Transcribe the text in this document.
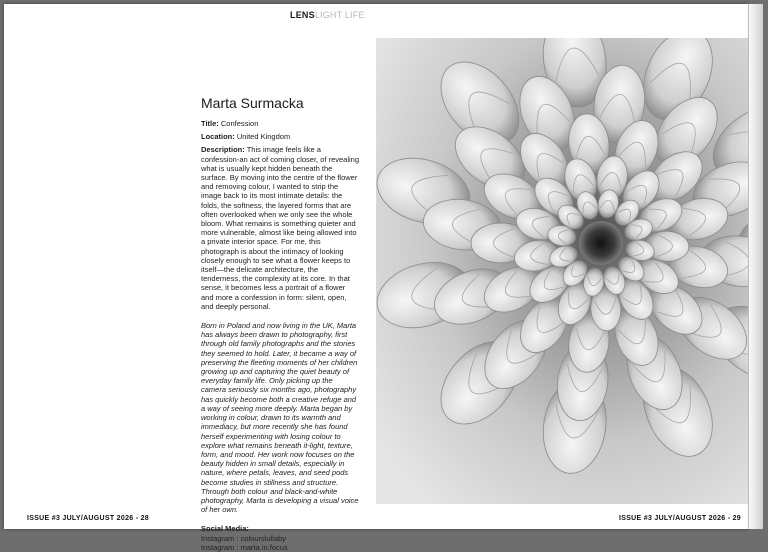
LENSLIGHT LIFE
Marta Surmacka

Title: Confession

Location: United Kingdom

Description: This image feels like a confession-an act of coming closer, of revealing what is usually kept hidden beneath the surface. By moving into the centre of the flower and removing colour, I wanted to strip the image back to its most intimate details: the folds, the softness, the layered forms that are often overlooked when we only see the whole bloom. What remains is something quieter and more vulnerable, almost like being allowed into a private interior space. For me, this photograph is about the intimacy of looking closely enough to see what a flower keeps to itself—the delicate architecture, the tenderness, the complexity at its core. In that sense, it becomes less a portrait of a flower and more a confession in form: silent, open, and deeply personal.

Born in Poland and now living in the UK, Marta has always been drawn to photography, first through old family photographs and the stories they seemed to hold. Later, it became a way of preserving the fleeting moments of her children growing up and capturing the quiet beauty of everyday family life. Only picking up the camera seriously six months ago, photography has quickly become both a creative refuge and a way of seeing more deeply. Marta began by working in colour, drawn to its warmth and immediacy, but more recently she has found herself experimenting with losing colour to explore what remains beneath it-light, texture, form, and mood. Her work now focuses on the beauty hidden in small details, especially in nature, where petals, leaves, and seed pods become studies in stillness and structure. Through both colour and black-and-white photography, Marta is developing a visual voice of her own.

Social Media:
Instagram : colourslullaby
Instagram : marta.in.focus
ISSUE #3 JULY/AUGUST 2026 - 28	ISSUE #3 JULY/AUGUST 2026 - 29
